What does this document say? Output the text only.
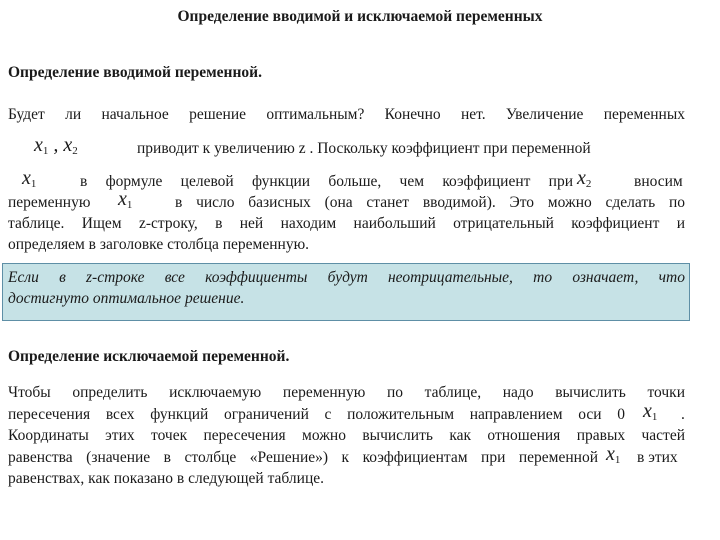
Определение вводимой и исключаемой переменных
Определение вводимой переменной.
Будет ли начальное решение оптимальным? Конечно нет. Увеличение переменных
$x_1$ , $x_2$	приводит к увеличению z . Поскольку коэффициент при переменной
$x_1$	в формуле целевой функции больше, чем коэффициент при $x_2$	вносим
переменную $x_1$	в число базисных (она станет вводимой). Это можно сделать по
таблице. Ищем z-строку, в ней находим наибольший отрицательный коэффициент и
определяем в заголовке столбца переменную.
Если в z-строке все коэффициенты будут неотрицательные, то означает, что
достигнуто оптимальное решение.
Определение исключаемой переменной.
Чтобы определить исключаемую переменную по таблице, надо вычислить точки
пересечения всех функций ограничений с положительным направлением оси 0 $x_1$ .
Координаты этих точек пересечения можно вычислить как отношения правых частей
равенства (значение в столбце «Решение») к коэффициентам при переменной $x_1$ в этих
равенствах, как показано в следующей таблице.
